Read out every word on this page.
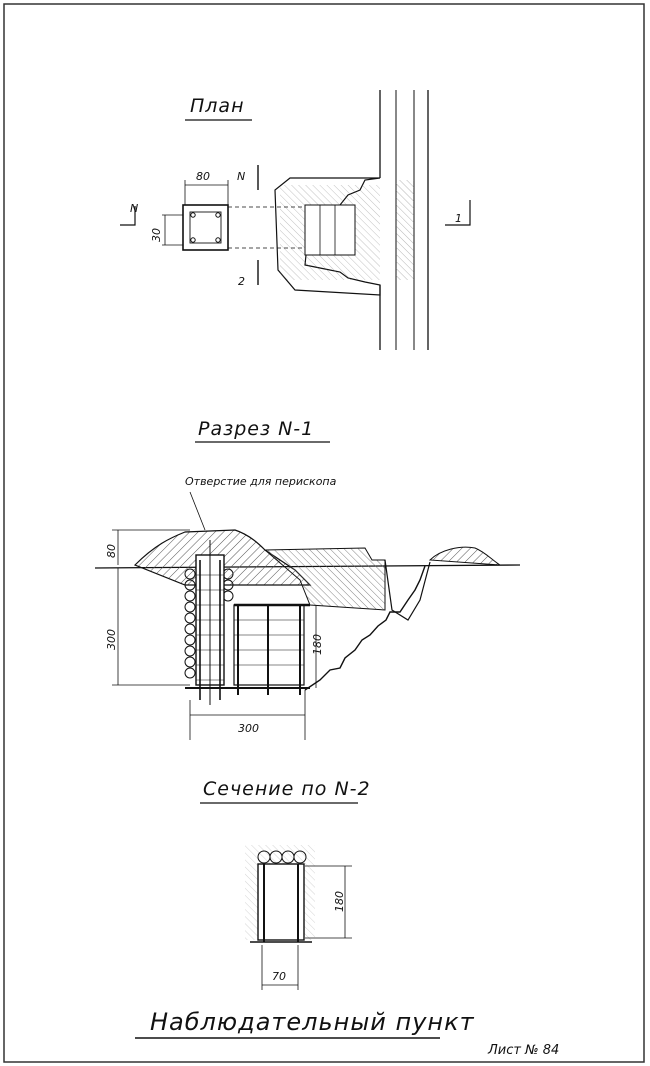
План
80
30
N
2
N
1
Разрез N-1
Отверстие для перископа
80
300	180
300
Сечение по N-2
180
70
Наблюдательный пункт
Лист № 84
